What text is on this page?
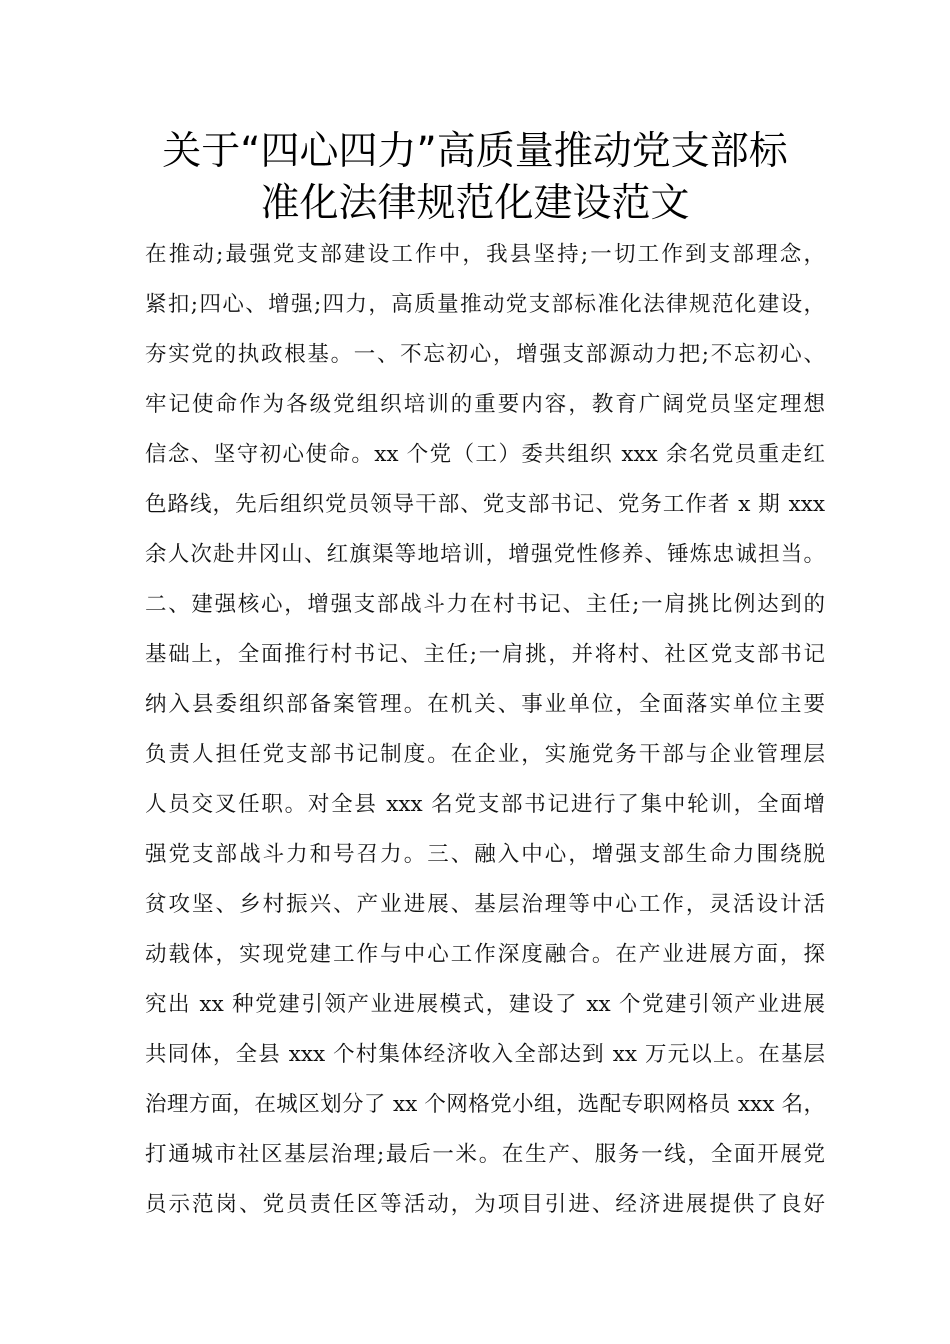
关于“四心四力”高质量推动党支部标
准化法律规范化建设范文
在推动;最强党支部建设工作中，我县坚持;一切工作到支部理念，
紧扣;四心、增强;四力，高质量推动党支部标准化法律规范化建设，
夯实党的执政根基。一、不忘初心，增强支部源动力把;不忘初心、
牢记使命作为各级党组织培训的重要内容，教育广阔党员坚定理想
信念、坚守初心使命。xx 个党（工）委共组织 xxx 余名党员重走红
色路线，先后组织党员领导干部、党支部书记、党务工作者 x 期 xxx
余人次赴井冈山、红旗渠等地培训，增强党性修养、锤炼忠诚担当。
二、建强核心，增强支部战斗力在村书记、主任;一肩挑比例达到的
基础上，全面推行村书记、主任;一肩挑，并将村、社区党支部书记
纳入县委组织部备案管理。在机关、事业单位，全面落实单位主要
负责人担任党支部书记制度。在企业，实施党务干部与企业管理层
人员交叉任职。对全县 xxx 名党支部书记进行了集中轮训，全面增
强党支部战斗力和号召力。三、融入中心，增强支部生命力围绕脱
贫攻坚、乡村振兴、产业进展、基层治理等中心工作，灵活设计活
动载体，实现党建工作与中心工作深度融合。在产业进展方面，探
究出 xx 种党建引领产业进展模式，建设了 xx 个党建引领产业进展
共同体，全县 xxx 个村集体经济收入全部达到 xx 万元以上。在基层
治理方面，在城区划分了 xx 个网格党小组，选配专职网格员 xxx 名，
打通城市社区基层治理;最后一米。在生产、服务一线，全面开展党
员示范岗、党员责任区等活动，为项目引进、经济进展提供了良好
